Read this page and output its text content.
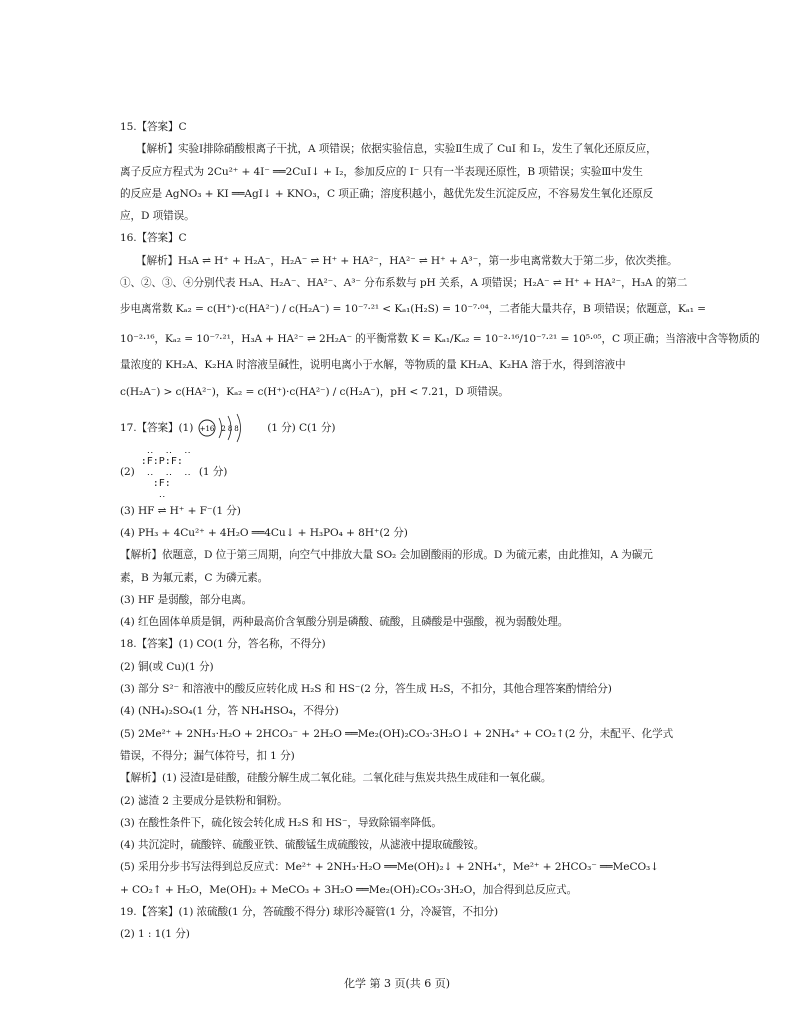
15.【答案】C
【解析】实验Ⅰ排除硝酸根离子干扰，A 项错误；依据实验信息，实验Ⅱ生成了 CuI 和 I₂，发生了氧化还原反应，
离子反应方程式为 2Cu²⁺ + 4I⁻ ══2CuI↓ + I₂，参加反应的 I⁻ 只有一半表现还原性，B 项错误；实验Ⅲ中发生
的反应是 AgNO₃ + KI ══AgI↓ + KNO₃，C 项正确；溶度积越小，越优先发生沉淀反应，不容易发生氧化还原反
应，D 项错误。
16.【答案】C
【解析】H₃A ⇌ H⁺ + H₂A⁻，H₂A⁻ ⇌ H⁺ + HA²⁻，HA²⁻ ⇌ H⁺ + A³⁻，第一步电离常数大于第二步，依次类推。
①、②、③、④分别代表 H₃A、H₂A⁻、HA²⁻、A³⁻ 分布系数与 pH 关系，A 项错误；H₂A⁻ ⇌ H⁺ + HA²⁻，H₃A 的第二
步电离常数 Kₐ₂ = c(H⁺)·c(HA²⁻) / c(H₂A⁻) = 10⁻⁷·²¹ < Kₐ₁(H₂S) = 10⁻⁷·⁰⁴，二者能大量共存，B 项错误；依题意，Kₐ₁ =
10⁻²·¹⁶，Kₐ₂ = 10⁻⁷·²¹，H₃A + HA²⁻ ⇌ 2H₂A⁻ 的平衡常数 K = Kₐ₁/Kₐ₂ = 10⁻²·¹⁶/10⁻⁷·²¹ = 10⁵·⁰⁵，C 项正确；当溶液中含等物质的
量浓度的 KH₂A、K₂HA 时溶液呈碱性，说明电离小于水解，等物质的量 KH₂A、K₂HA 溶于水，得到溶液中
c(H₂A⁻) > c(HA²⁻)，Kₐ₂ = c(H⁺)·c(HA²⁻) / c(H₂A⁻)，pH < 7.21，D 项错误。
17.【答案】(1) +16 2 8 8	(1 分) C(1 分)
(2)
‥  ‥  ‥
:F:P:F:
‥  ‥  ‥
:F:
‥
(1 分)
(3) HF ⇌ H⁺ + F⁻(1 分)
(4) PH₃ + 4Cu²⁺ + 4H₂O ══4Cu↓ + H₃PO₄ + 8H⁺(2 分)
【解析】依题意，D 位于第三周期，向空气中排放大量 SO₂ 会加剧酸雨的形成。D 为硫元素，由此推知，A 为碳元
素，B 为氟元素，C 为磷元素。
(3) HF 是弱酸，部分电离。
(4) 红色固体单质是铜，两种最高价含氧酸分别是磷酸、硫酸，且磷酸是中强酸，视为弱酸处理。
18.【答案】(1) CO(1 分，答名称，不得分)
(2) 铜(或 Cu)(1 分)
(3) 部分 S²⁻ 和溶液中的酸反应转化成 H₂S 和 HS⁻(2 分，答生成 H₂S，不扣分，其他合理答案酌情给分)
(4) (NH₄)₂SO₄(1 分，答 NH₄HSO₄，不得分)
(5) 2Me²⁺ + 2NH₃·H₂O + 2HCO₃⁻ + 2H₂O ══Me₂(OH)₂CO₃·3H₂O↓ + 2NH₄⁺ + CO₂↑(2 分，未配平、化学式
错误，不得分；漏气体符号，扣 1 分)
【解析】(1) 浸渣Ⅰ是硅酸，硅酸分解生成二氧化硅。二氧化硅与焦炭共热生成硅和一氧化碳。
(2) 滤渣 2 主要成分是铁粉和铜粉。
(3) 在酸性条件下，硫化铵会转化成 H₂S 和 HS⁻，导致除镉率降低。
(4) 共沉淀时，硫酸锌、硫酸亚铁、硫酸锰生成硫酸铵，从滤液中提取硫酸铵。
(5) 采用分步书写法得到总反应式：Me²⁺ + 2NH₃·H₂O ══Me(OH)₂↓ + 2NH₄⁺，Me²⁺ + 2HCO₃⁻ ══MeCO₃↓
+ CO₂↑ + H₂O，Me(OH)₂ + MeCO₃ + 3H₂O ══Me₂(OH)₂CO₃·3H₂O，加合得到总反应式。
19.【答案】(1) 浓硫酸(1 分，答硫酸不得分) 球形冷凝管(1 分，冷凝管，不扣分)
(2) 1 : 1(1 分)
化学 第 3 页(共 6 页)
